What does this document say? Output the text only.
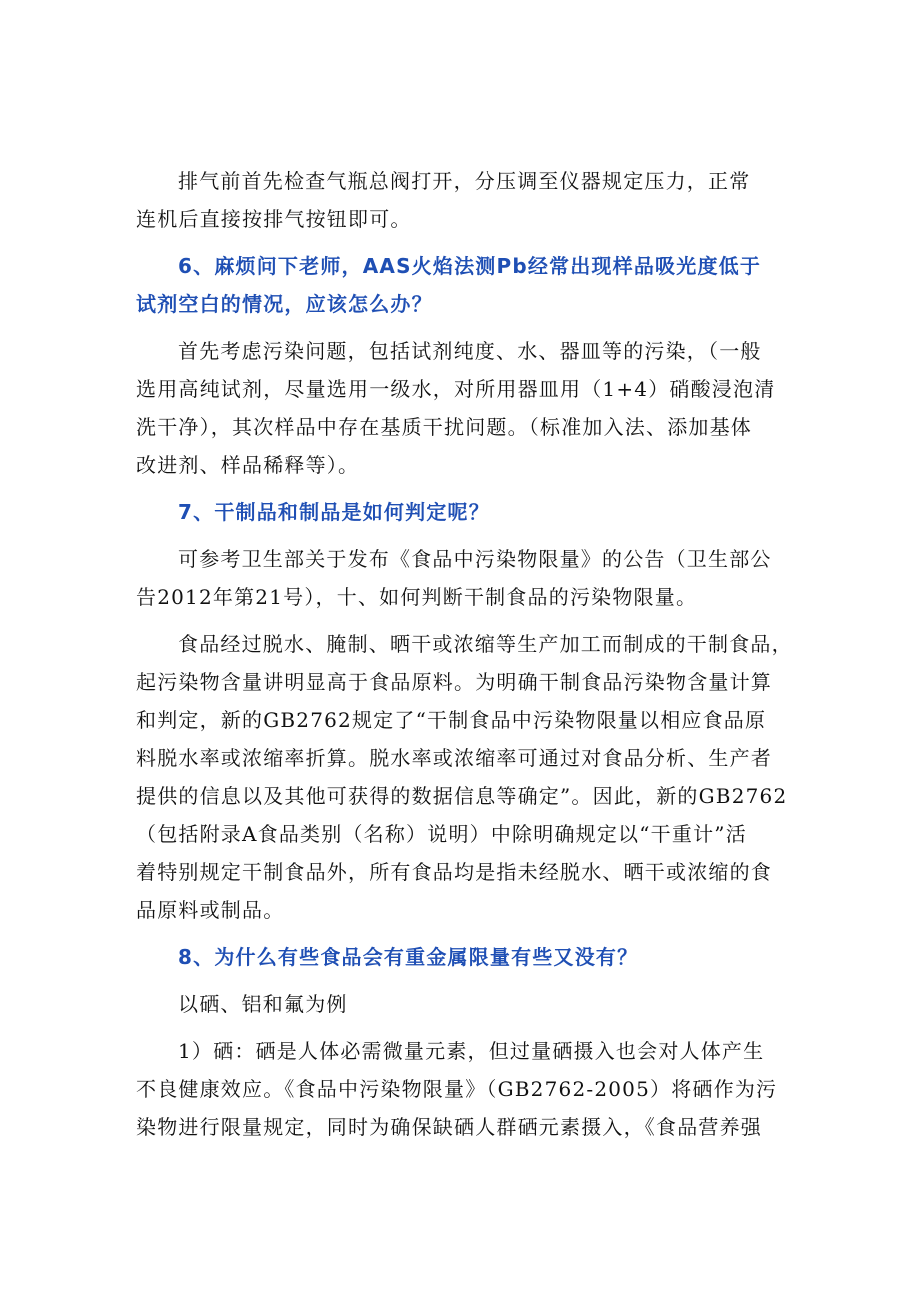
排气前首先检查气瓶总阀打开，分压调至仪器规定压力，正常
连机后直接按排气按钮即可。

6、麻烦问下老师，AAS火焰法测Pb经常出现样品吸光度低于
试剂空白的情况，应该怎么办？

首先考虑污染问题，包括试剂纯度、水、器皿等的污染，（一般
选用高纯试剂，尽量选用一级水，对所用器皿用（1+4）硝酸浸泡清
洗干净），其次样品中存在基质干扰问题。（标准加入法、添加基体
改进剂、样品稀释等）。

7、干制品和制品是如何判定呢？

可参考卫生部关于发布《食品中污染物限量》的公告（卫生部公
告2012年第21号），十、如何判断干制食品的污染物限量。

食品经过脱水、腌制、晒干或浓缩等生产加工而制成的干制食品，
起污染物含量讲明显高于食品原料。为明确干制食品污染物含量计算
和判定，新的GB2762规定了“干制食品中污染物限量以相应食品原
料脱水率或浓缩率折算。脱水率或浓缩率可通过对食品分析、生产者
提供的信息以及其他可获得的数据信息等确定”。因此，新的GB2762
（包括附录A食品类别（名称）说明）中除明确规定以“干重计”活
着特别规定干制食品外，所有食品均是指未经脱水、晒干或浓缩的食
品原料或制品。

8、为什么有些食品会有重金属限量有些又没有？

以硒、铝和氟为例

1）硒：硒是人体必需微量元素，但过量硒摄入也会对人体产生
不良健康效应。《食品中污染物限量》（GB2762-2005）将硒作为污
染物进行限量规定，同时为确保缺硒人群硒元素摄入，《食品营养强
